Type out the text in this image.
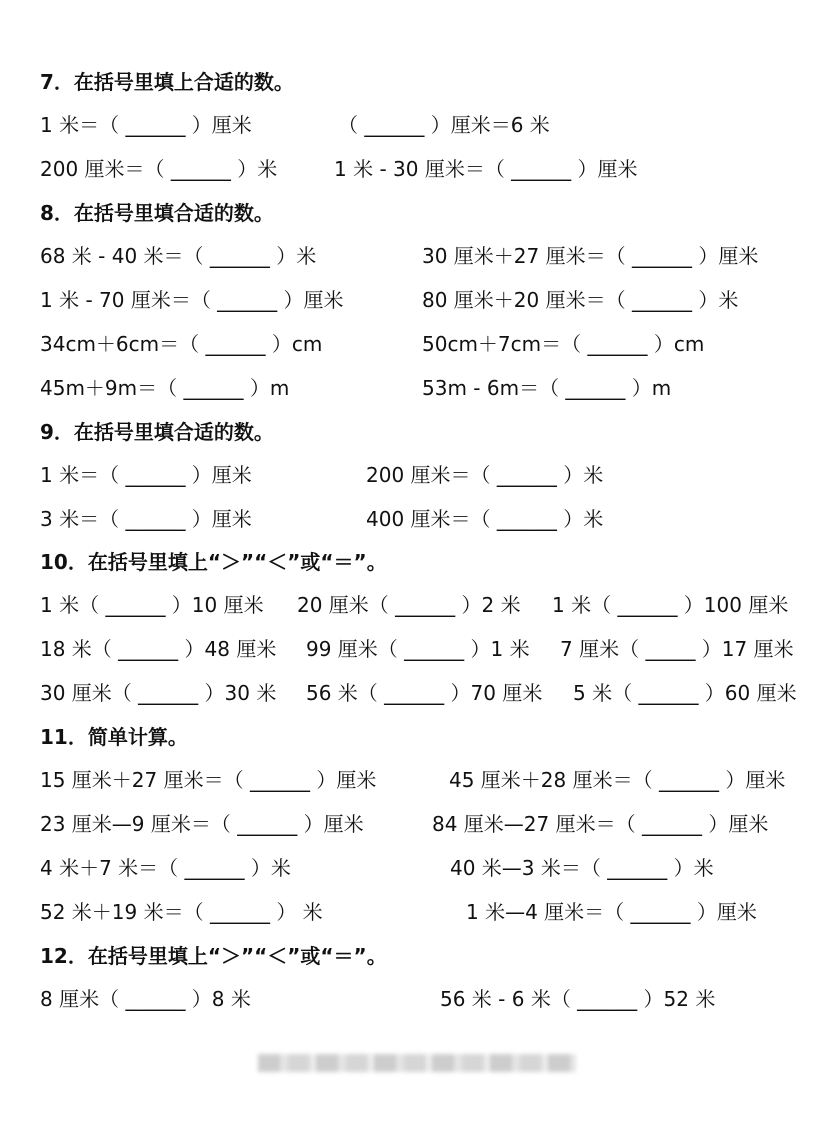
7．在括号里填上合适的数。
1 米＝（ ______ ）厘米	（ ______ ）厘米＝6 米
200 厘米＝（ ______ ）米	1 米 - 30 厘米＝（ ______ ）厘米
8．在括号里填合适的数。
68 米 - 40 米＝（ ______ ）米	30 厘米＋27 厘米＝（ ______ ）厘米
1 米 - 70 厘米＝（ ______ ）厘米	80 厘米＋20 厘米＝（ ______ ）米
34cm＋6cm＝（ ______ ）cm	50cm＋7cm＝（ ______ ）cm
45m＋9m＝（ ______ ）m	53m - 6m＝（ ______ ）m
9．在括号里填合适的数。
1 米＝（ ______ ）厘米	200 厘米＝（ ______ ）米
3 米＝（ ______ ）厘米	400 厘米＝（ ______ ）米
10．在括号里填上“＞”“＜”或“＝”。
1 米（ ______ ）10 厘米 20 厘米（ ______ ）2 米 1 米（ ______ ）100 厘米
18 米（ ______ ）48 厘米 99 厘米（ ______ ）1 米 7 厘米（ _____ ）17 厘米
30 厘米（ ______ ）30 米 56 米（ ______ ）70 厘米 5 米（ ______ ）60 厘米
11．简单计算。
15 厘米＋27 厘米＝（ ______ ）厘米	45 厘米＋28 厘米＝（ ______ ）厘米
23 厘米—9 厘米＝（ ______ ）厘米	84 厘米—27 厘米＝（ ______ ）厘米
4 米＋7 米＝（ ______ ）米	40 米—3 米＝（ ______ ）米
52 米＋19 米＝（ ______ ） 米	1 米—4 厘米＝（ ______ ）厘米
12．在括号里填上“＞”“＜”或“＝”。
8 厘米（ ______ ）8 米	56 米 - 6 米（ ______ ）52 米
